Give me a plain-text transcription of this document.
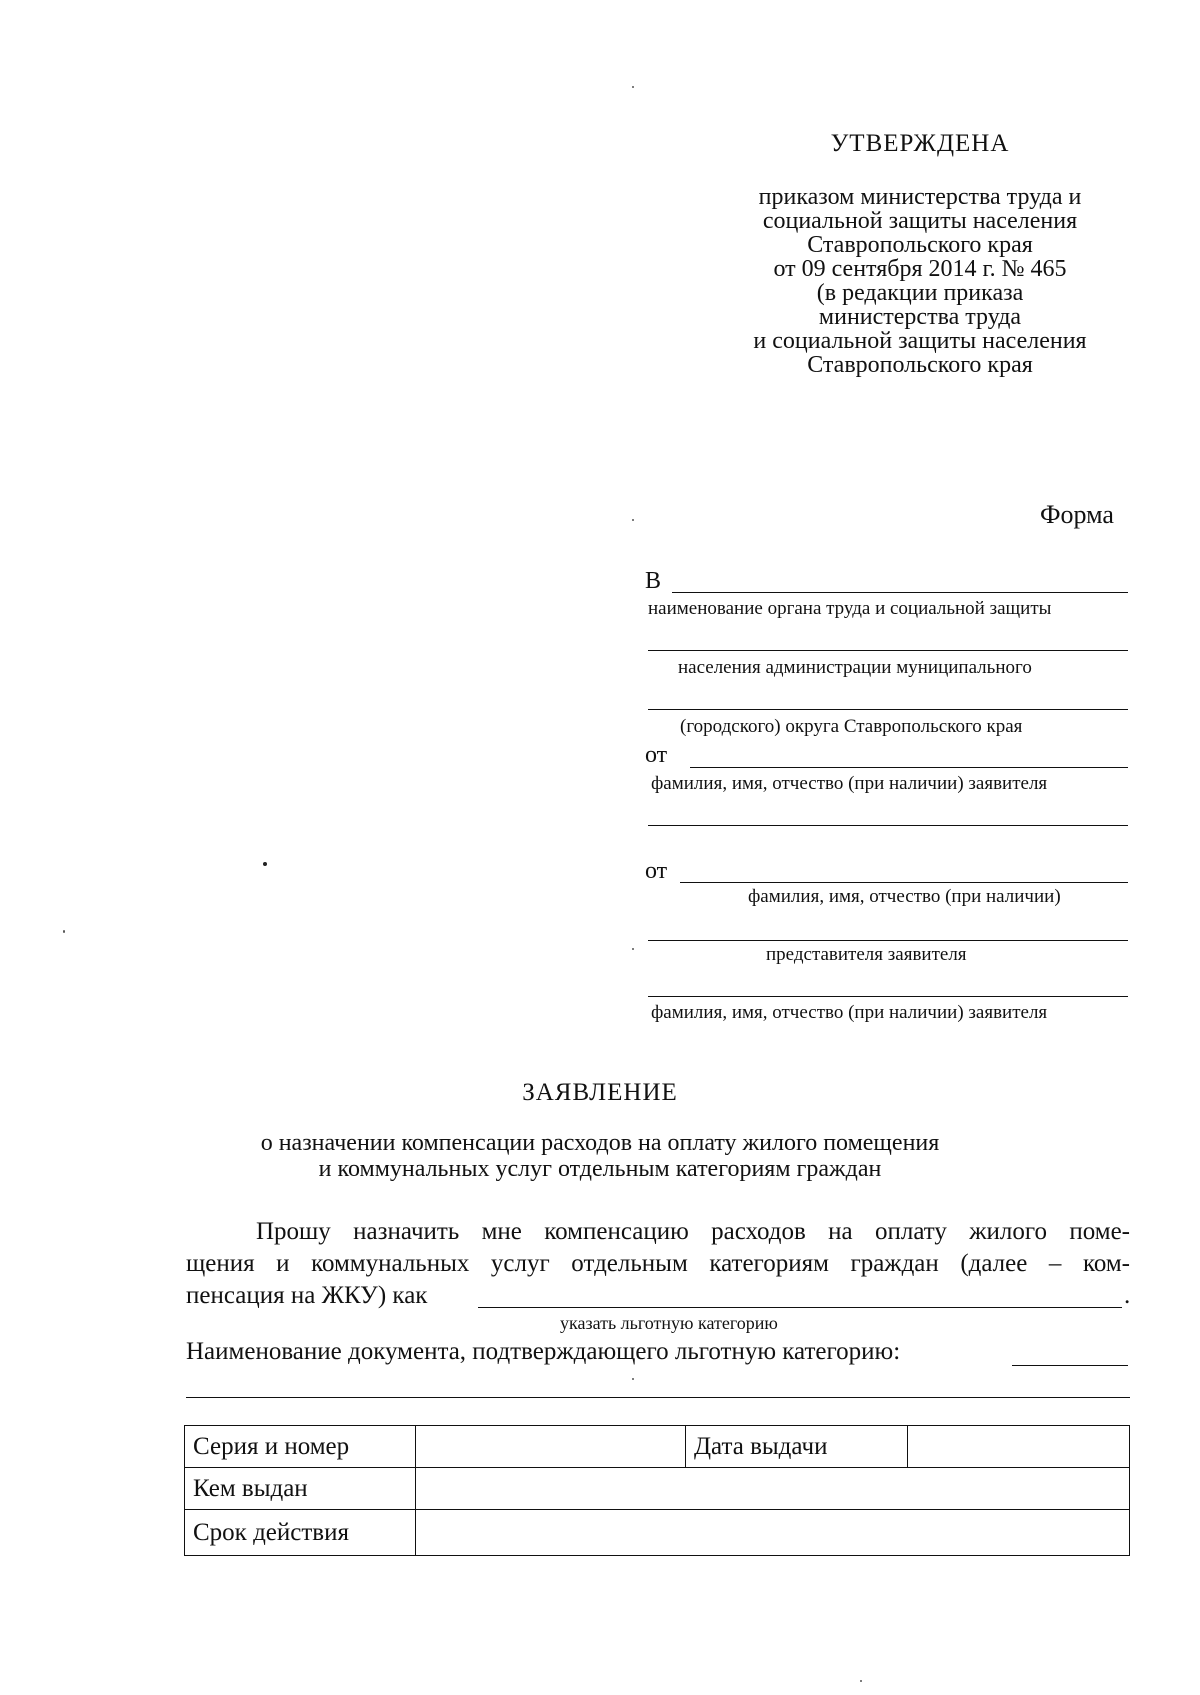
УТВЕРЖДЕНА
приказом министерства труда и
социальной защиты населения
Ставропольского края
от 09 сентября 2014 г. № 465
(в редакции приказа
министерства труда
и социальной защиты населения
Ставропольского края
Форма
В
наименование органа труда и социальной защиты
населения администрации муниципального
(городского) округа Ставропольского края
от
фамилия, имя, отчество (при наличии) заявителя
от
фамилия, имя, отчество (при наличии)
представителя заявителя
фамилия, имя, отчество (при наличии) заявителя
ЗАЯВЛЕНИЕ
о назначении компенсации расходов на оплату жилого помещения
и коммунальных услуг отдельным категориям граждан
Прошу назначить мне компенсацию расходов на оплату жилого поме-
щения и коммунальных услуг отдельным категориям граждан (далее – ком-
пенсация на ЖКУ) как	.
указать льготную категорию
Наименование документа, подтверждающего льготную категорию:
Серия и номер		Дата выдачи	
Кем выдан			
Срок действия			
